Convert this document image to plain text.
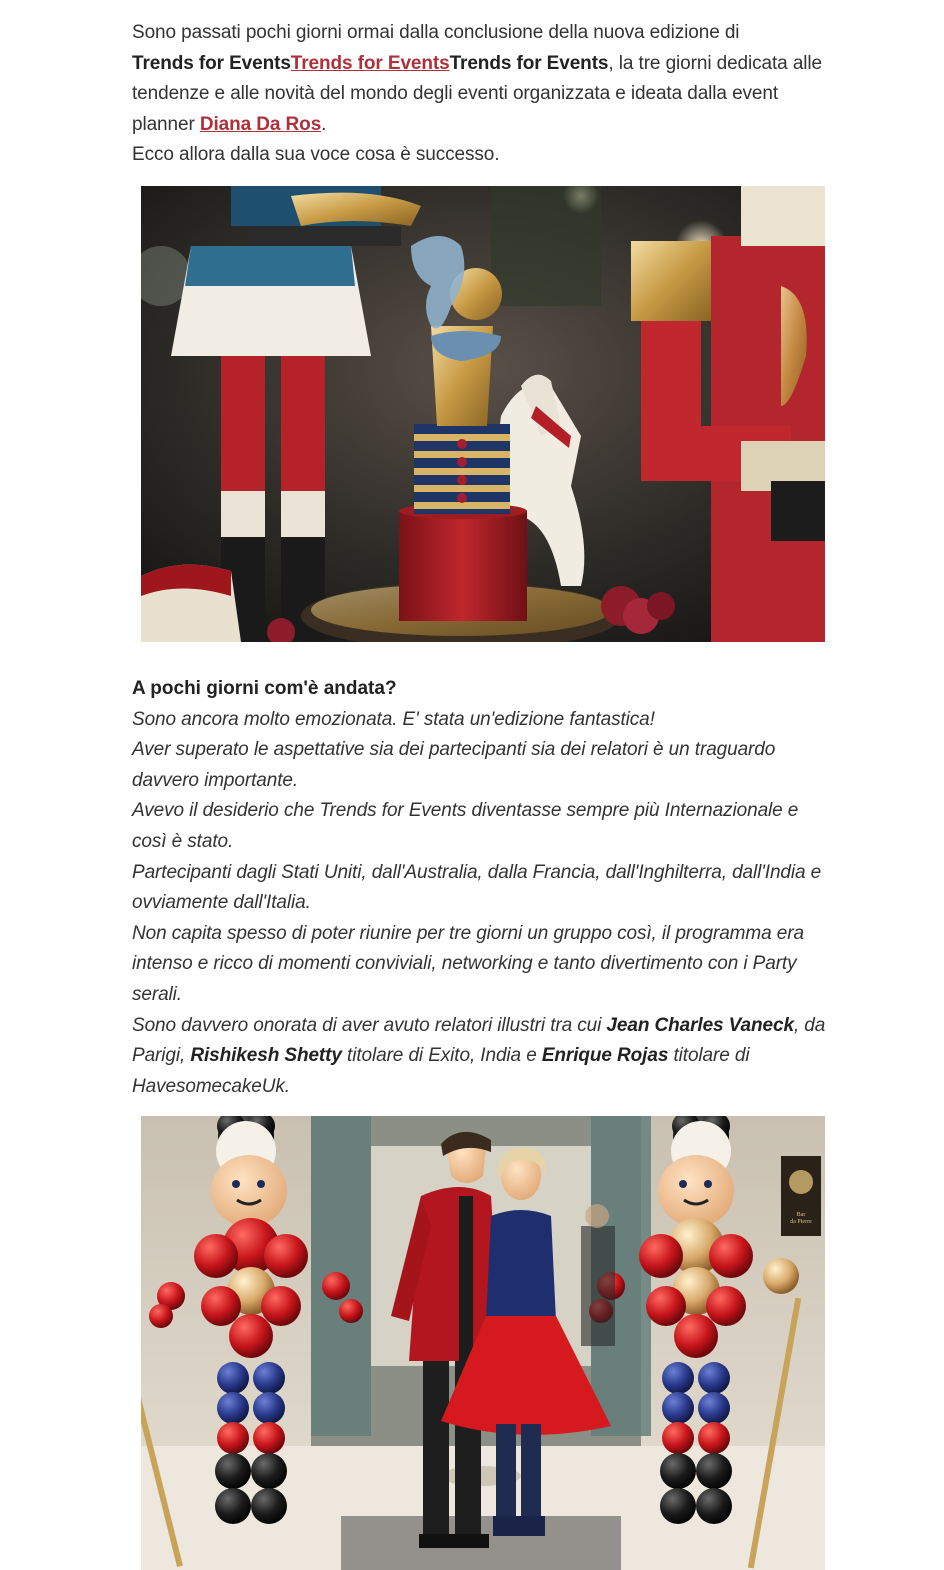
Sono passati pochi giorni ormai dalla conclusione della nuova edizione di
Trends for EventsTrends for EventsTrends for Events, la tre giorni dedicata alle tendenze e alle novità del mondo degli eventi organizzata e ideata dalla event planner Diana Da Ros.
Ecco allora dalla sua voce cosa è successo.

A pochi giorni com'è andata?

Sono ancora molto emozionata. E' stata un'edizione fantastica!

Aver superato le aspettative sia dei partecipanti sia dei relatori è un traguardo davvero importante.

Avevo il desiderio che Trends for Events diventasse sempre più Internazionale e così è stato.

Partecipanti dagli Stati Uniti, dall'Australia, dalla Francia, dall'Inghilterra, dall'India e ovviamente dall'Italia.

Non capita spesso di poter riunire per tre giorni un gruppo così, il programma era intenso e ricco di momenti conviviali, networking e tanto divertimento con i Party serali.

Sono davvero onorata di aver avuto relatori illustri tra cui Jean Charles Vaneck, da Parigi, Rishikesh Shetty titolare di Exito, India e Enrique Rojas titolare di HavesomecakeUk.

Bar da Pierre
